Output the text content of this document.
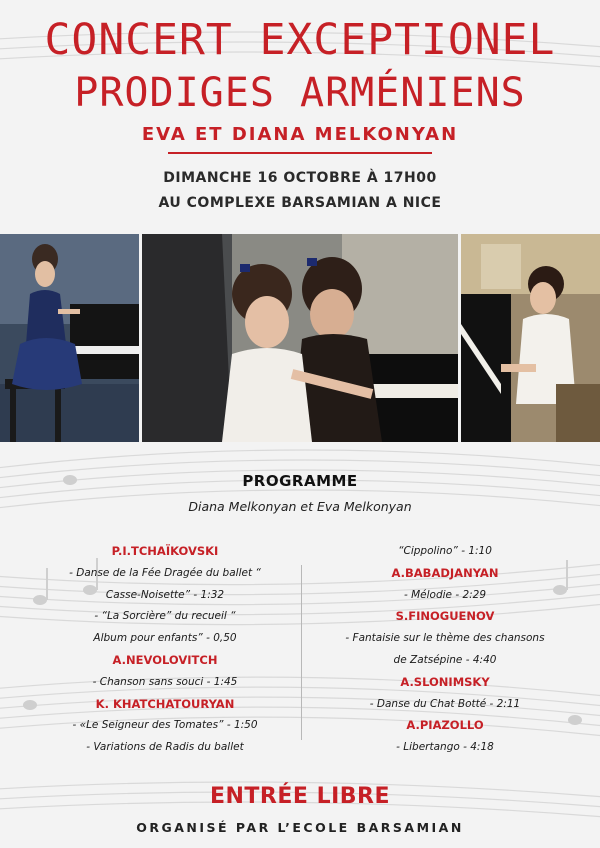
CONCERT EXCEPTIONEL
PRODIGES ARMÉNIENS
EVA ET DIANA MELKONYAN
DIMANCHE 16 OCTOBRE À 17H00
AU COMPLEXE BARSAMIAN A NICE
PROGRAMME
Diana Melkonyan et Eva Melkonyan
P.I.TCHAÏKOVSKI
- Danse de la Fée Dragée du ballet “
Casse-Noisette” - 1:32
- “La Sorcière” du recueil “
Album pour enfants” - 0,50
A.NEVOLOVITCH
- Chanson sans souci - 1:45
K. KHATCHATOURYAN
- «Le Seigneur des Tomates” - 1:50
- Variations de Radis du ballet
“Cippolino” - 1:10
A.BABADJANYAN
- Mélodie - 2:29
S.FINOGUENOV
- Fantaisie sur le thème des chansons
de Zatsépine - 4:40
A.SLONIMSKY
- Danse du Chat Botté - 2:11
A.PIAZOLLO
- Libertango - 4:18
ENTRÉE LIBRE
ORGANISÉ PAR L’ECOLE BARSAMIAN
